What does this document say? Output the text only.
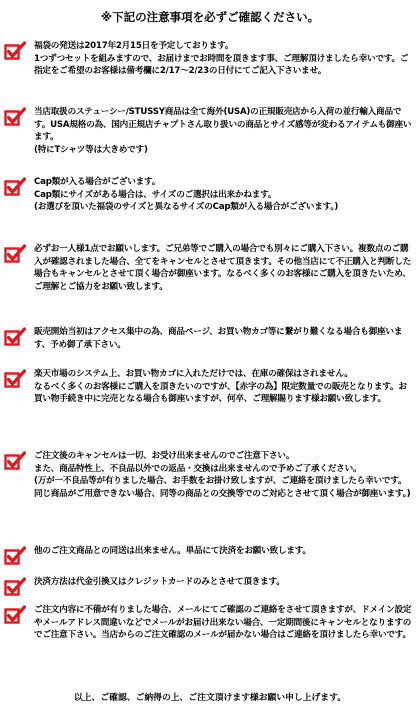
※下記の注意事項を必ずご確認ください。

福袋の発送は2017年2月15日を予定しております。
1つずつセットを組みますので、お届けまでお時間を頂きます事、ご理解頂けましたら幸いです。ご指定をご希望のお客様は備考欄に2/17〜2/23の日付にてご記入下さいませ。

当店取扱のステューシー/STUSSY商品は全て海外(USA)の正規販売店から入荷の並行輸入商品です。USA規格の為、国内正規店チャプトさん取り扱いの商品とサイズ感等が変わるアイテムも御座います。
(特にTシャツ等は大きめです)

Cap類が入る場合がございます。
Cap類にサイズがある場合は、サイズのご選択は出来かねます。
(お選びを頂いた福袋のサイズと異なるサイズのCap類が入る場合がございます。)

必ずお一人様1点でお願いします。ご兄弟等でご購入の場合でも別々にご購入下さい。複数点のご購入が確認されました場合、全てをキャンセルとさせて頂きます。その他当店にて不正購入と判断した場合もキャンセルとさせて頂く場合が御座います。なるべく多くのお客様にご購入を頂きたいため、ご理解とご協力をお願い致します。

販売開始当初はアクセス集中の為、商品ページ、お買い物カゴ等に繋がり難くなる場合も御座います、予め御了承下さい。

楽天市場のシステム上、お買い物カゴに入れただけでは、在庫の確保はされません。
なるべく多くのお客様にご購入を頂きたいのですが、【赤字の為】限定数量での販売となります。お買い物手続き中に完売となる場合も御座いますが、何卒、ご理解賜ります様お願い致します。

ご注文後のキャンセルは一切、お受け出来ませんのでご注意下さい。
また、商品特性上、不良品以外での返品・交換は出来ませんので予めご了承ください。
(万が一不良品等が有りました場合、お手数をお掛け致しますが、ご連絡を頂けましたら幸いです。同じ商品がご用意できない場合、同等の商品との交換等でのご対応とさせて頂く場合が御座います。)

他のご注文商品との同送は出来ません。単品にて決済をお願い致します。

決済方法は代金引換又はクレジットカードのみとさせて頂きます。

ご注文内容に不備が有りました場合、メールにてご確認のご連絡をさせて頂きますが、ドメイン設定やメールアドレス間違いなどでメールがお届け出来ない場合、一定期間後にキャンセルとなりますのでご注意下さい。当店からのご注文確認のメールが届かない場合はご連絡を頂けましたら幸いです。

以上、ご確認、ご納得の上、ご注文頂けます様お願い申し上げます。
